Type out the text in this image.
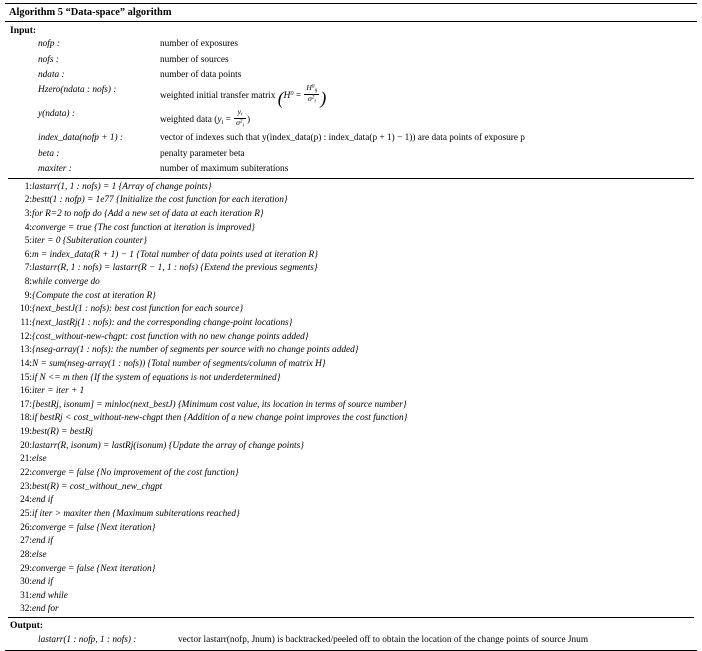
Algorithm 5 “Data-space” algorithm
Input:
nofp :	number of exposures
nofs :	number of sources
ndata :	number of data points
Hzero(ndata : nofs) :	weighted initial transfer matrix ($H^0 = \frac{H^0_{ij}}{\sigma^2_i}$ )
y(ndata) :	weighted data ($y_i = \frac{y_i}{\sigma^2_i}$ )
index_data(nofp + 1) :	vector of indexes such that y(index_data(p) : index_data(p + 1) − 1)) are data points of exposure p
beta :	penalty parameter beta
maxiter :	number of maximum subiterations
1:	lastarr(1, 1 : nofs) = 1 {Array of change points}
2:	bestt(1 : nofp) = 1e77 {Initialize the cost function for each iteration}
3:	for R=2 to nofp do {Add a new set of data at each iteration R}
4:	converge = true {The cost function at iteration is improved}
5:	iter = 0 {Subiteration counter}
6:	m = index_data(R + 1) − 1 {Total number of data points used at iteration R}
7:	lastarr(R, 1 : nofs) = lastarr(R − 1, 1 : nofs) {Extend the previous segments}
8:	while converge do
9:	{Compute the cost at iteration R}
10:	{next_bestJ(1 : nofs): best cost function for each source}
11:	{next_lastRj(1 : nofs): and the corresponding change-point locations}
12:	{cost_without-new-chgpt: cost function with no new change points added}
13:	{nseg-array(1 : nofs): the number of segments per source with no change points added}
14:	N = sum(nseg-array(1 : nofs)) {Total number of segments/column of matrix H}
15:	if N <= m then {If the system of equations is not underdetermined}
16:	iter = iter + 1
17:	[bestRj, isonum] = minloc(next_bestJ) {Minimum cost value, its location in terms of source number}
18:	if bestRj < cost_without-new-chgpt then {Addition of a new change point improves the cost function}
19:	best(R) = bestRj
20:	lastarr(R, isonum) = lastRj(isonum) {Update the array of change points}
21:	else
22:	converge = false {No improvement of the cost function}
23:	best(R) = cost_without_new_chgpt
24:	end if
25:	if iter > maxiter then {Maximum subiterations reached}
26:	converge = false {Next iteration}
27:	end if
28:	else
29:	converge = false {Next iteration}
30:	end if
31:	end while
32:	end for
Output:
lastarr(1 : nofp, 1 : nofs) :	vector lastarr(nofp, Jnum) is backtracked/peeled off to obtain the location of the change points of source Jnum
